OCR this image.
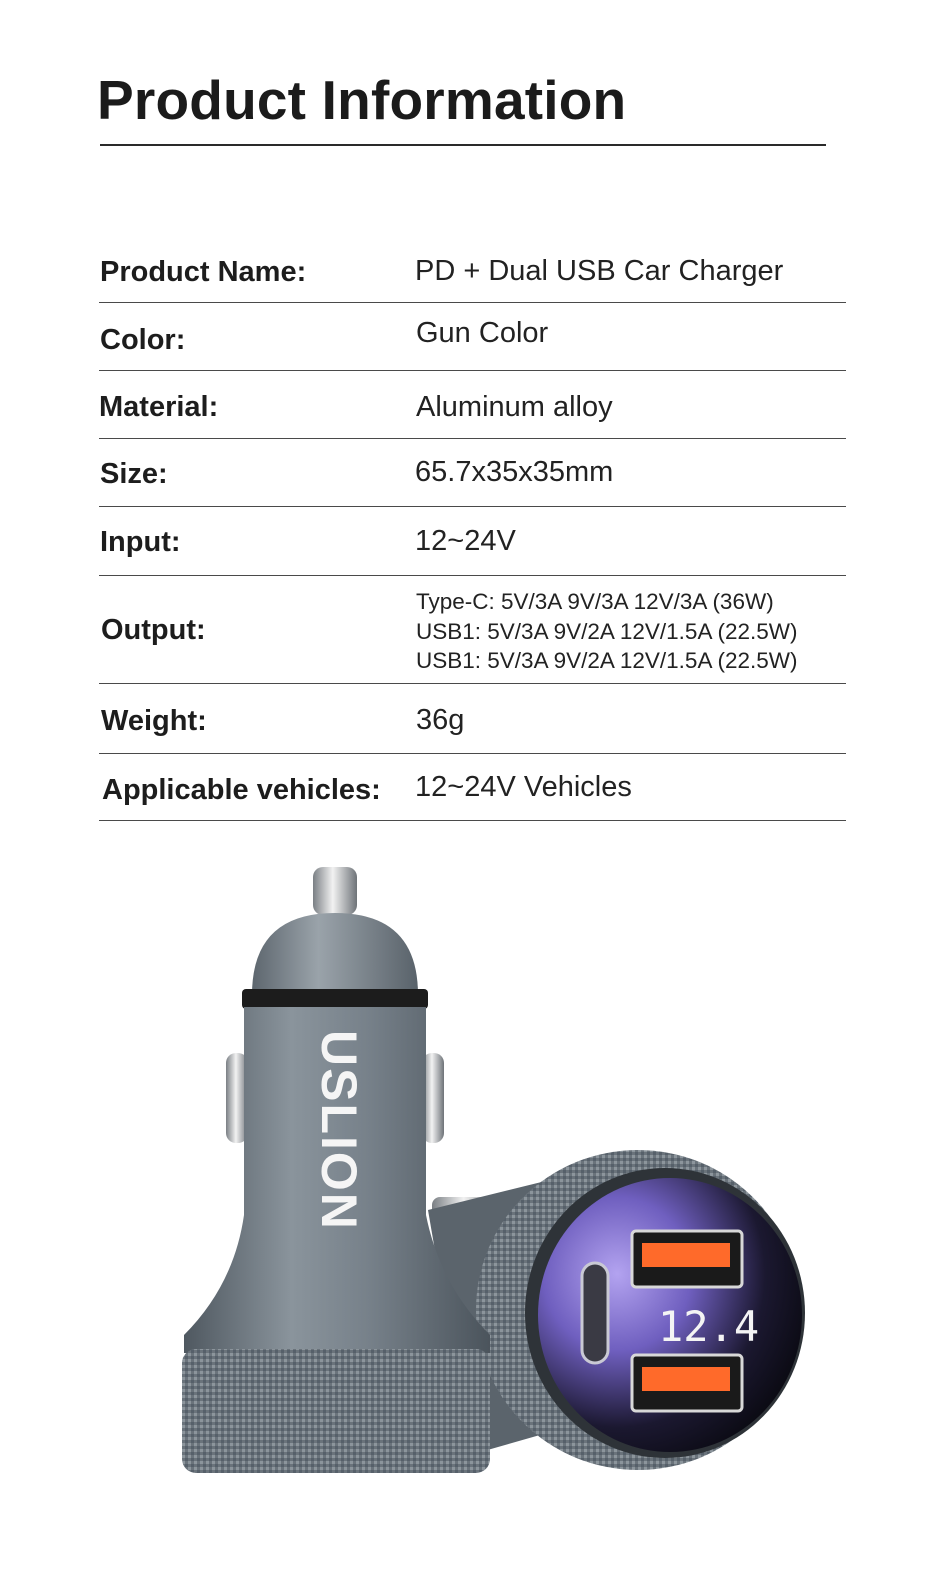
Product Information
Product Name:	PD + Dual USB Car Charger
Color:	Gun Color
Material:	Aluminum alloy
Size:	65.7x35x35mm
Input:	12~24V
Output:
Type-C: 5V/3A 9V/3A 12V/3A (36W)
USB1: 5V/3A 9V/2A 12V/1.5A (22.5W)
USB1: 5V/3A 9V/2A 12V/1.5A (22.5W)
Weight:	36g
Applicable vehicles: 12~24V Vehicles
12.4
USLION
